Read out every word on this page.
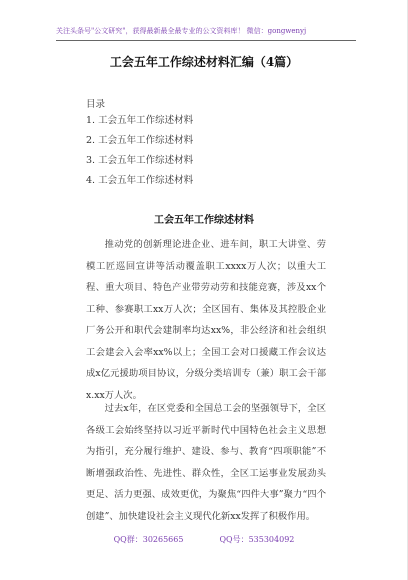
关注头条号"公文研究"，获得最新最全最专业的公文资料库！ 微信：gongwenyj
工会五年工作综述材料汇编（4篇）
目录
1. 工会五年工作综述材料
2. 工会五年工作综述材料
3. 工会五年工作综述材料
4. 工会五年工作综述材料
工会五年工作综述材料

推动党的创新理论进企业、进车间，职工大讲堂、劳模工匠巡回宣讲等活动覆盖职工xxxx万人次；以重大工程、重大项目、特色产业带劳动劳和技能竞赛，涉及xx个工种、参赛职工xx万人次；全区国有、集体及其控股企业厂务公开和职代会建制率均达xx%，非公经济和社会组织工会建会入会率xx%以上；全国工会对口援藏工作会议达成x亿元援助项目协议，分级分类培训专（兼）职工会干部x.xx万人次。

过去x年，在区党委和全国总工会的坚强领导下，全区各级工会始终坚持以习近平新时代中国特色社会主义思想为指引，充分履行维护、建设、参与、教育“四项职能”不断增强政治性、先进性、群众性，全区工运事业发展劲头更足、活力更强、成效更优，为聚焦“四件大事”聚力“四个创建”、加快建设社会主义现代化新xx发挥了积极作用。

QQ群：30265665	QQ号：535304092
